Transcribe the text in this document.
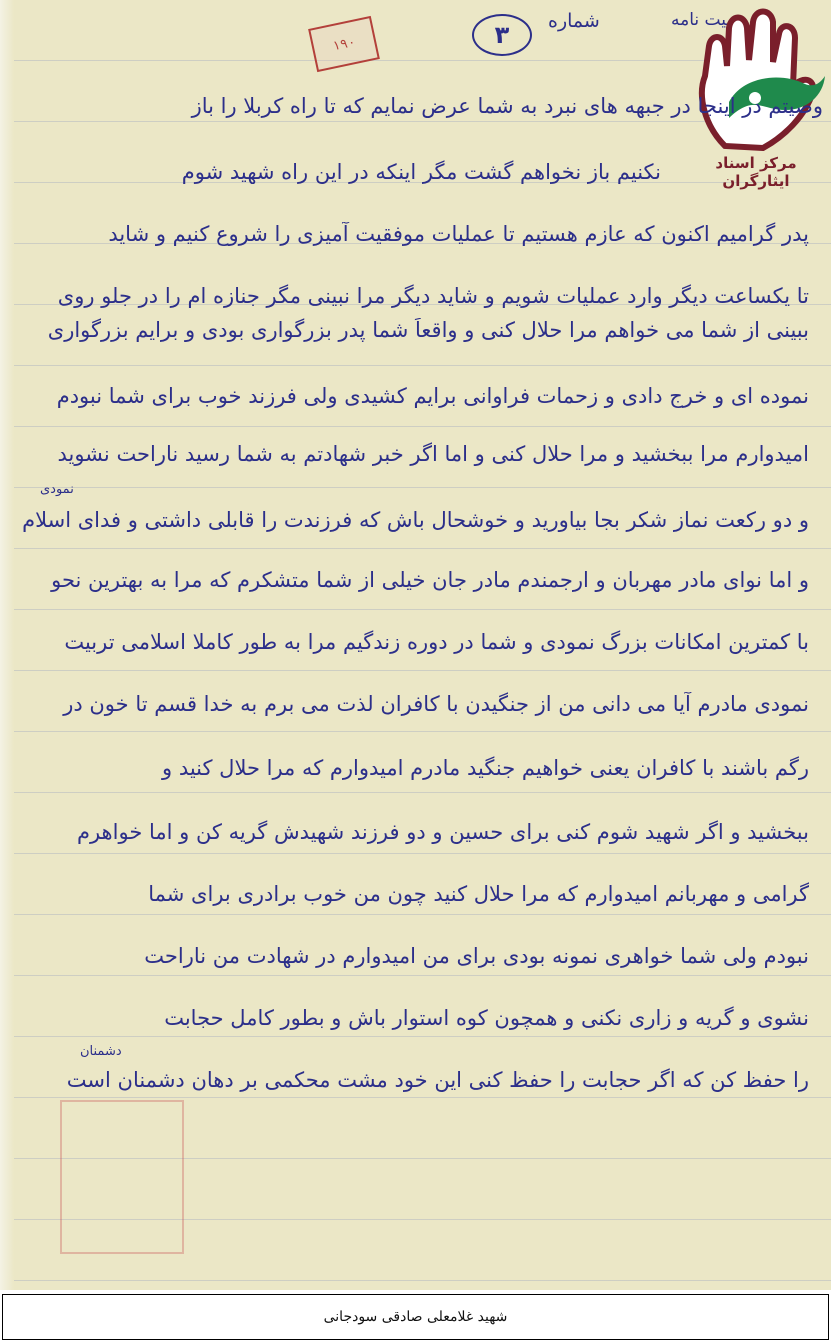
وصیت نامه
شماره
۳
۱۹۰
مرکز اسناد ایثارگران
وصیتم در اینجا در جبهه های نبرد به شما عرض نمایم که تا راه کربلا را باز
نکنیم باز نخواهم گشت مگر اینکه در این راه شهید شوم
پدر گرامیم اکنون که عازم هستیم تا عملیات موفقیت آمیزی را شروع کنیم و شاید
تا یکساعت دیگر وارد عملیات شویم و شاید دیگر مرا نبینی مگر جنازه ام را در جلو روی
ببینی از شما می خواهم مرا حلال کنی و واقعاً شما پدر بزرگواری بودی و برایم بزرگواری
نموده ای و خرج دادی و زحمات فراوانی برایم کشیدی ولی فرزند خوب برای شما نبودم
امیدوارم مرا ببخشید و مرا حلال کنی و اما اگر خبر شهادتم به شما رسید ناراحت نشوید
نمودی
و دو رکعت نماز شکر بجا بیاورید و خوشحال باش که فرزندت را قابلی داشتی و فدای اسلام
و اما نوای مادر مهربان و ارجمندم مادر جان خیلی از شما متشکرم که مرا به بهترین نحو
با کمترین امکانات بزرگ نمودی و شما در دوره زندگیم مرا به طور کاملا اسلامی تربیت
نمودی مادرم آیا می دانی من از جنگیدن با کافران لذت می برم به خدا قسم تا خون در
رگم باشند با کافران یعنی خواهیم جنگید مادرم امیدوارم که مرا حلال کنید و
ببخشید و اگر شهید شوم کنی برای حسین و دو فرزند شهیدش گریه کن و اما خواهرم
گرامی و مهربانم امیدوارم که مرا حلال کنید چون من خوب برادری برای شما
نبودم ولی شما خواهری نمونه بودی برای من امیدوارم در شهادت من ناراحت
نشوی و گریه و زاری نکنی و همچون کوه استوار باش و بطور کامل حجابت
دشمنان
را حفظ کن که اگر حجابت را حفظ کنی این خود مشت محکمی بر دهان دشمنان است
شهید غلامعلی صادقی سودجانی
